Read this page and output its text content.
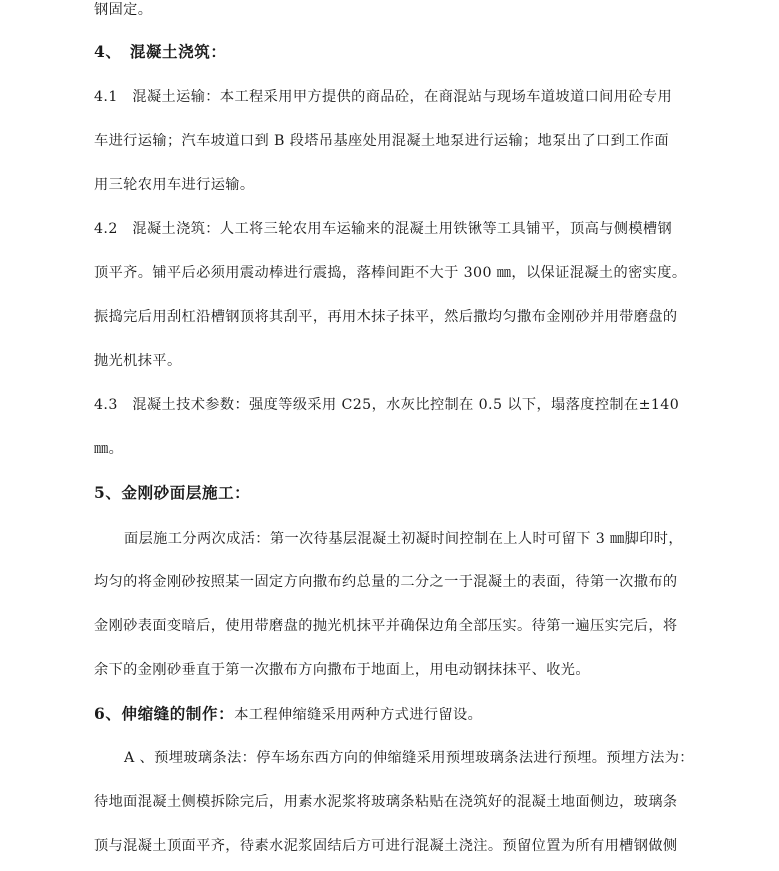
钢固定。
4、　混凝土浇筑：
4.1　混凝土运输：本工程采用甲方提供的商品砼，在商混站与现场车道坡道口间用砼专用
车进行运输；汽车坡道口到 B 段塔吊基座处用混凝土地泵进行运输；地泵出了口到工作面
用三轮农用车进行运输。
4.2　混凝土浇筑：人工将三轮农用车运输来的混凝土用铁锹等工具铺平，顶高与侧模槽钢
顶平齐。铺平后必须用震动棒进行震捣，落棒间距不大于 300 ㎜，以保证混凝土的密实度。
振捣完后用刮杠沿槽钢顶将其刮平，再用木抹子抹平，然后撒均匀撒布金刚砂并用带磨盘的
抛光机抹平。
4.3　混凝土技术参数：强度等级采用 C25，水灰比控制在 0.5 以下，塌落度控制在±140
㎜。
5、金刚砂面层施工：
面层施工分两次成活：第一次待基层混凝土初凝时间控制在上人时可留下 3 ㎜脚印时，
均匀的将金刚砂按照某一固定方向撒布约总量的二分之一于混凝土的表面，待第一次撒布的
金刚砂表面变暗后，使用带磨盘的抛光机抹平并确保边角全部压实。待第一遍压实完后，将
余下的金刚砂垂直于第一次撒布方向撒布于地面上，用电动钢抹抹平、收光。
6、伸缩缝的制作：本工程伸缩缝采用两种方式进行留设。
A 、预埋玻璃条法：停车场东西方向的伸缩缝采用预埋玻璃条法进行预埋。预埋方法为：
待地面混凝土侧模拆除完后，用素水泥浆将玻璃条粘贴在浇筑好的混凝土地面侧边，玻璃条
顶与混凝土顶面平齐，待素水泥浆固结后方可进行混凝土浇注。预留位置为所有用槽钢做侧
